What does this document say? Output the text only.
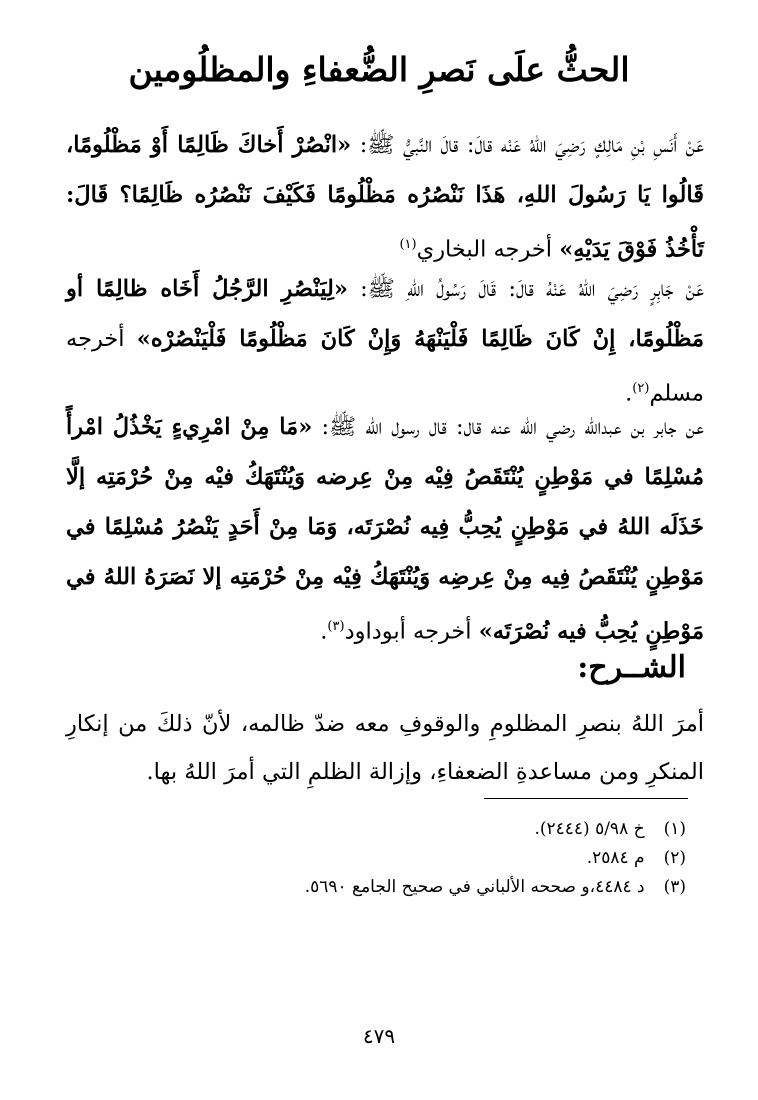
الحثُّ علَى نَصرِ الضُّعفاءِ والمظلُومين
عَنْ أَنَسِ بْنِ مَالِكٍ رَضِيَ اللهُ عَنْه قالَ: قالَ النَّبيُّ ﷺ: «انْصُرْ أَخاكَ ظَالِمًا أَوْ مَظْلُومًا، قَالُوا يَا رَسُولَ اللهِ، هَذَا نَنْصُرُه مَظْلُومًا فَكَيْفَ نَنْصُرُه ظَالِمًا؟ قَالَ: تَأْخُذُ فَوْقَ يَدَيْهِ» أخرجه البخاري$^{(١)}$
عَنْ جَابِرٍ رَضِيَ اللهُ عَنْهُ قالَ: قَالَ رَسُولُ اللهِ ﷺ: «لِيَنْصُرِ الرَّجُلُ أَخَاه ظالِمًا أو مَظْلُومًا، إِنْ كَانَ ظَالِمًا فَلْيَنْهَهُ وَإِنْ كَانَ مَظْلُومًا فَلْيَنْصُرْه» أخرجه مسلم$^{(٢)}$.
عن جابر بن عبدالله رضي الله عنه قال: قال رسول الله ﷺ: «مَا مِنْ امْرِيءٍ يَخْذُلُ امْرأً مُسْلِمًا في مَوْطِنٍ يُنْتَقَصُ فِيْه مِنْ عِرضه وَيُنْتَهَكُ فيْه مِنْ حُرْمَتِه إلَّا خَذَلَه اللهُ في مَوْطِنٍ يُحِبُّ فِيه نُصْرَتَه، وَمَا مِنْ أَحَدٍ يَنْصُرُ مُسْلِمًا في مَوْطِنٍ يُنْتَقَصُ فِيه مِنْ عِرضِه وَيُنْتَهَكُ فِيْه مِنْ حُرْمَتِه إلا نَصَرَهُ اللهُ في مَوْطِنٍ يُحِبُّ فيه نُصْرَتَه» أخرجه أبوداود$^{(٣)}$.
الشــرح:
أمرَ اللهُ بنصرِ المظلومِ والوقوفِ معه ضدّ ظالمه، لأنّ ذلكَ من إنكارِ المنكرِ ومن مساعدةِ الضعفاءِ، وإزالة الظلمِ التي أمرَ اللهُ بها.
(١) خ ٥/٩٨ (٢٤٤٤).
(٢) م ٢٥٨٤.
(٣) د ٤٤٨٤،و صححه الألباني في صحيح الجامع ٥٦٩٠.
٤٧٩
